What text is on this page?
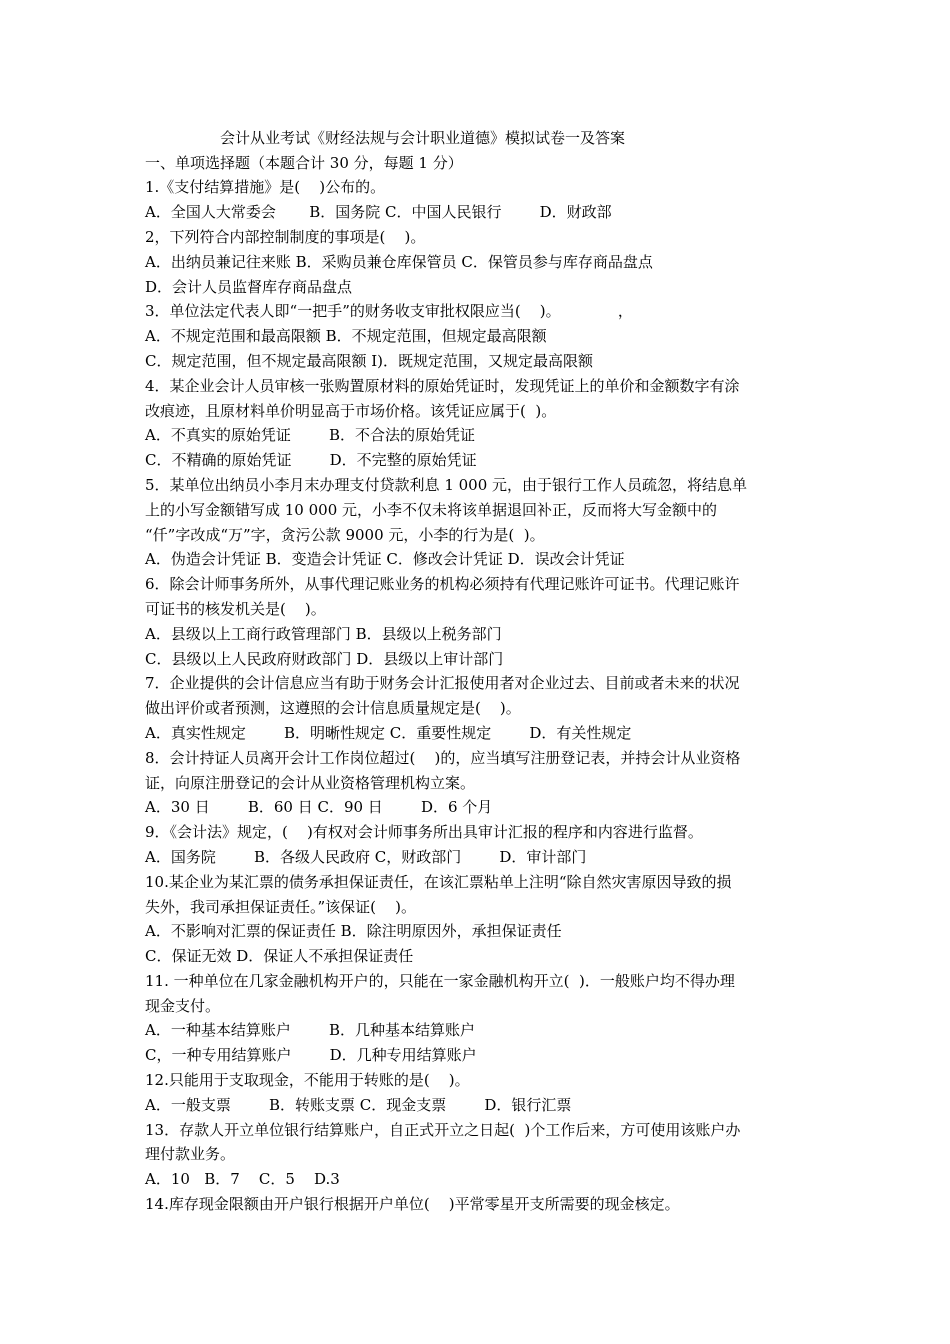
会计从业考试《财经法规与会计职业道德》模拟试卷一及答案
一、单项选择题（本题合计 30 分，每题 1 分）
1.《支付结算措施》是(    )公布的。
A．全国人大常委会       B．国务院 C．中国人民银行        D．财政部
2，下列符合内部控制制度的事项是(    )。
A．出纳员兼记往来账 B．采购员兼仓库保管员 C．保管员参与库存商品盘点
D．会计人员监督库存商品盘点
3．单位法定代表人即“一把手”的财务收支审批权限应当(    )。            ，
A．不规定范围和最高限额 B．不规定范围，但规定最高限额
C．规定范围，但不规定最高限额 I)．既规定范围，又规定最高限额
4．某企业会计人员审核一张购置原材料的原始凭证时，发现凭证上的单价和金额数字有涂
改痕迹，且原材料单价明显高于市场价格。该凭证应属于(  )。
A．不真实的原始凭证        B．不合法的原始凭证
C．不精确的原始凭证        D．不完整的原始凭证
5．某单位出纳员小李月末办理支付贷款利息 1 000 元，由于银行工作人员疏忽，将结息单
上的小写金额错写成 10 000 元，小李不仅未将该单据退回补正，反而将大写金额中的
“仟”字改成“万”字，贪污公款 9000 元，小李的行为是(  )。
A．伪造会计凭证 B．变造会计凭证 C．修改会计凭证 D．误改会计凭证
6．除会计师事务所外，从事代理记账业务的机构必须持有代理记账许可证书。代理记账许
可证书的核发机关是(    )。
A．县级以上工商行政管理部门 B．县级以上税务部门
C．县级以上人民政府财政部门 D．县级以上审计部门
7．企业提供的会计信息应当有助于财务会计汇报使用者对企业过去、目前或者未来的状况
做出评价或者预测，这遵照的会计信息质量规定是(    )。
A．真实性规定        B．明晰性规定 C．重要性规定        D．有关性规定
8．会计持证人员离开会计工作岗位超过(    )的，应当填写注册登记表，并持会计从业资格
证，向原注册登记的会计从业资格管理机构立案。
A．30 日        B．60 日 C．90 日        D．6 个月
9．《会计法》规定，(    )有权对会计师事务所出具审计汇报的程序和内容进行监督。
A．国务院        B．各级人民政府 C，财政部门        D．审计部门
10.某企业为某汇票的债务承担保证责任，在该汇票粘单上注明“除自然灾害原因导致的损
失外，我司承担保证责任。”该保证(    )。
A．不影响对汇票的保证责任 B．除注明原因外，承担保证责任
C．保证无效 D．保证人不承担保证责任
11. 一种单位在几家金融机构开户的，只能在一家金融机构开立(  )．一般账户均不得办理
现金支付。
A．一种基本结算账户        B．几种基本结算账户
C，一种专用结算账户        D．几种专用结算账户
12.只能用于支取现金，不能用于转账的是(    )。
A．一般支票        B．转账支票 C．现金支票        D．银行汇票
13．存款人开立单位银行结算账户，自正式开立之日起(  )个工作后来，方可使用该账户办
理付款业务。
A．10   B．7    C．5    D.3
14.库存现金限额由开户银行根据开户单位(    )平常零星开支所需要的现金核定。
